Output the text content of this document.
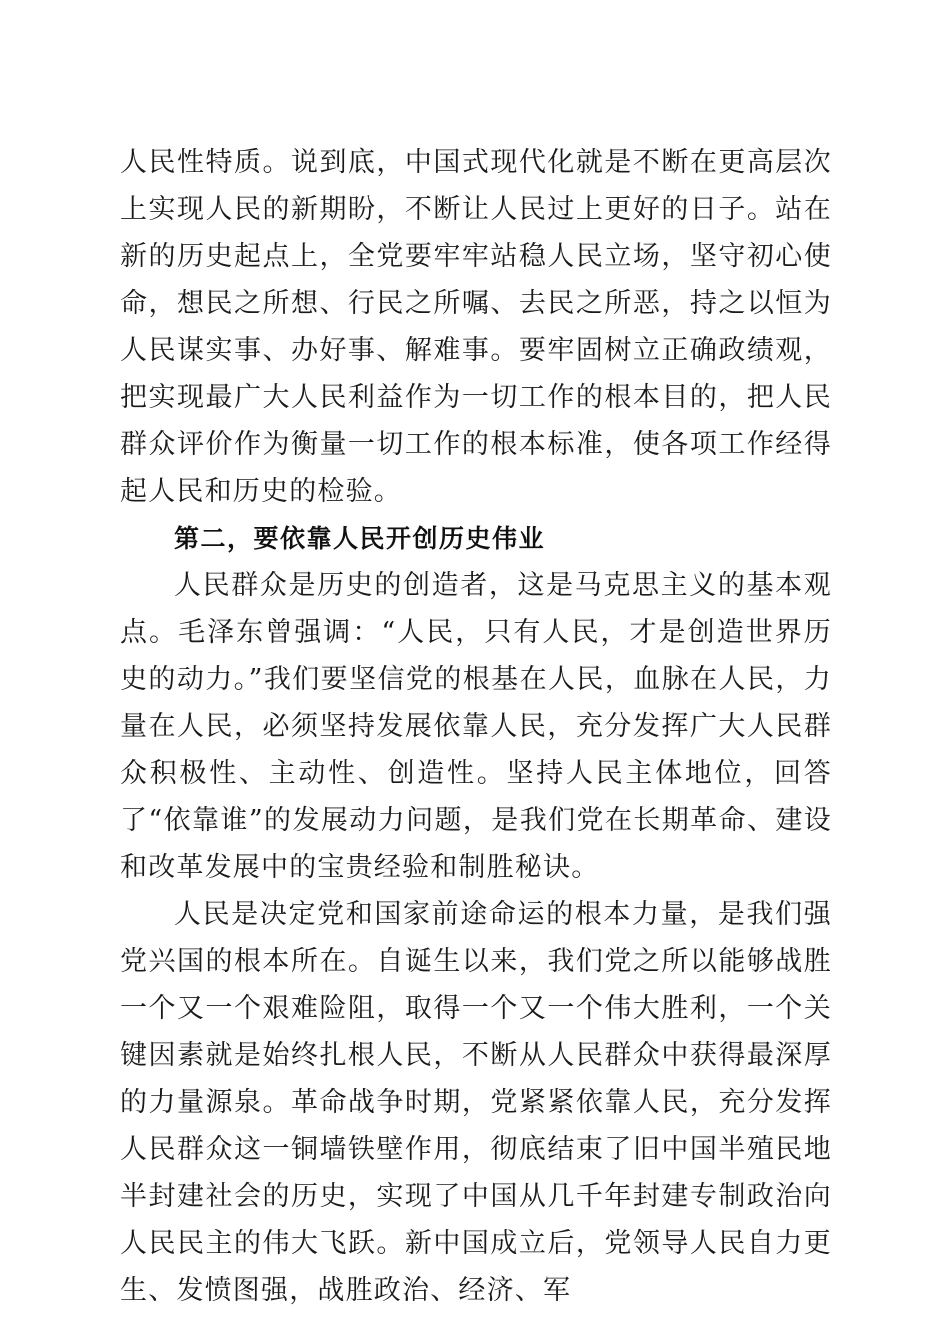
人民性特质。说到底，中国式现代化就是不断在更高层次上实现人民的新期盼，不断让人民过上更好的日子。站在新的历史起点上，全党要牢牢站稳人民立场，坚守初心使命，想民之所想、行民之所嘱、去民之所恶，持之以恒为人民谋实事、办好事、解难事。要牢固树立正确政绩观，把实现最广大人民利益作为一切工作的根本目的，把人民群众评价作为衡量一切工作的根本标准，使各项工作经得起人民和历史的检验。

第二，要依靠人民开创历史伟业

人民群众是历史的创造者，这是马克思主义的基本观点。毛泽东曾强调：“人民，只有人民，才是创造世界历史的动力。”我们要坚信党的根基在人民，血脉在人民，力量在人民，必须坚持发展依靠人民，充分发挥广大人民群众积极性、主动性、创造性。坚持人民主体地位，回答了“依靠谁”的发展动力问题，是我们党在长期革命、建设和改革发展中的宝贵经验和制胜秘诀。

人民是决定党和国家前途命运的根本力量，是我们强党兴国的根本所在。自诞生以来，我们党之所以能够战胜一个又一个艰难险阻，取得一个又一个伟大胜利，一个关键因素就是始终扎根人民，不断从人民群众中获得最深厚的力量源泉。革命战争时期，党紧紧依靠人民，充分发挥人民群众这一铜墙铁壁作用，彻底结束了旧中国半殖民地半封建社会的历史，实现了中国从几千年封建专制政治向人民民主的伟大飞跃。新中国成立后，党领导人民自力更生、发愤图强，战胜政治、经济、军
